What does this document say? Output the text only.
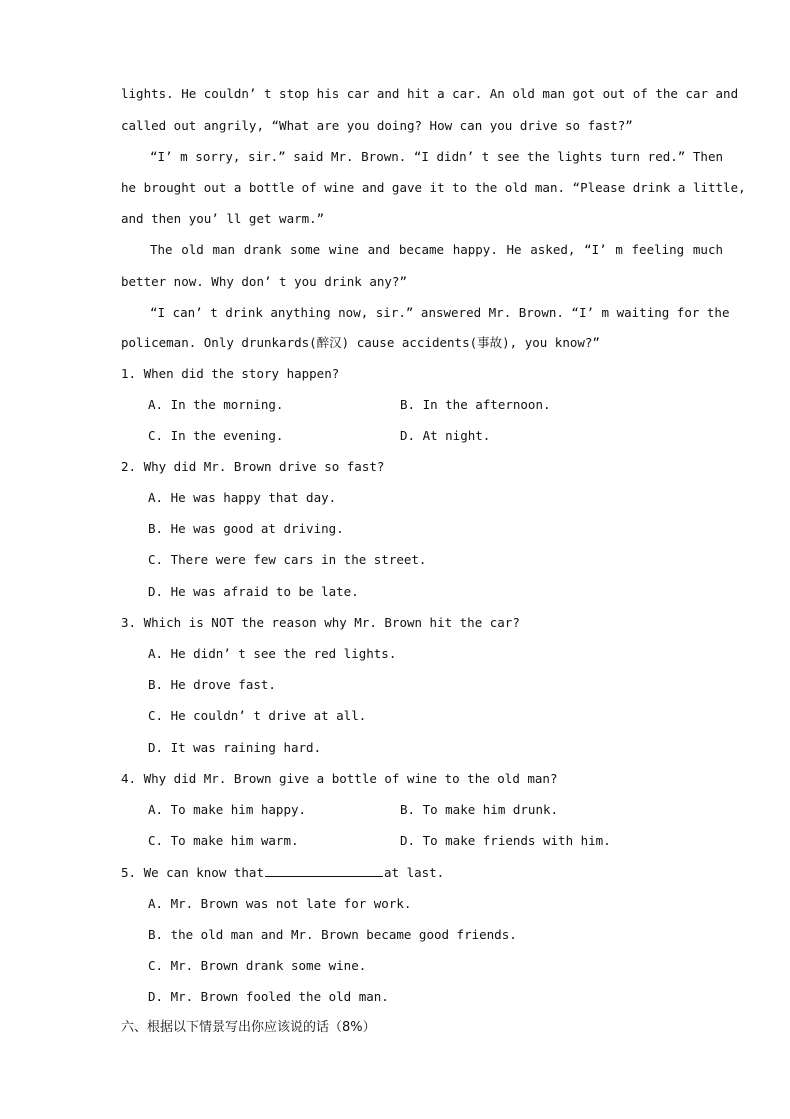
lights. He couldn’ t stop his car and hit a car. An old man got out of the car and
called out angrily, “What are you doing? How can you drive so fast?”
“I’ m sorry, sir.” said Mr. Brown. “I didn’ t see the lights turn red.” Then
he brought out a bottle of wine and gave it to the old man. “Please drink a little,
and then you’ ll get warm.”
The old man drank some wine and became happy. He asked, “I’ m feeling much
better now. Why don’ t you drink any?”
“I can’ t drink anything now, sir.” answered Mr. Brown. “I’ m waiting for the
policeman. Only drunkards(醉汉) cause accidents(事故), you know?”
1. When did the story happen?
A. In the morning.	B. In the afternoon.
C. In the evening.	D. At night.
2. Why did Mr. Brown drive so fast?
A. He was happy that day.
B. He was good at driving.
C. There were few cars in the street.
D. He was afraid to be late.
3. Which is NOT the reason why Mr. Brown hit the car?
A. He didn’ t see the red lights.
B. He drove fast.
C. He couldn’ t drive at all.
D. It was raining hard.
4. Why did Mr. Brown give a bottle of wine to the old man?
A. To make him happy.	B. To make him drunk.
C. To make him warm.	D. To make friends with him.
5. We can know that	at last.
A. Mr. Brown was not late for work.
B. the old man and Mr. Brown became good friends.
C. Mr. Brown drank some wine.
D. Mr. Brown fooled the old man.
六、根据以下情景写出你应该说的话（8%）
